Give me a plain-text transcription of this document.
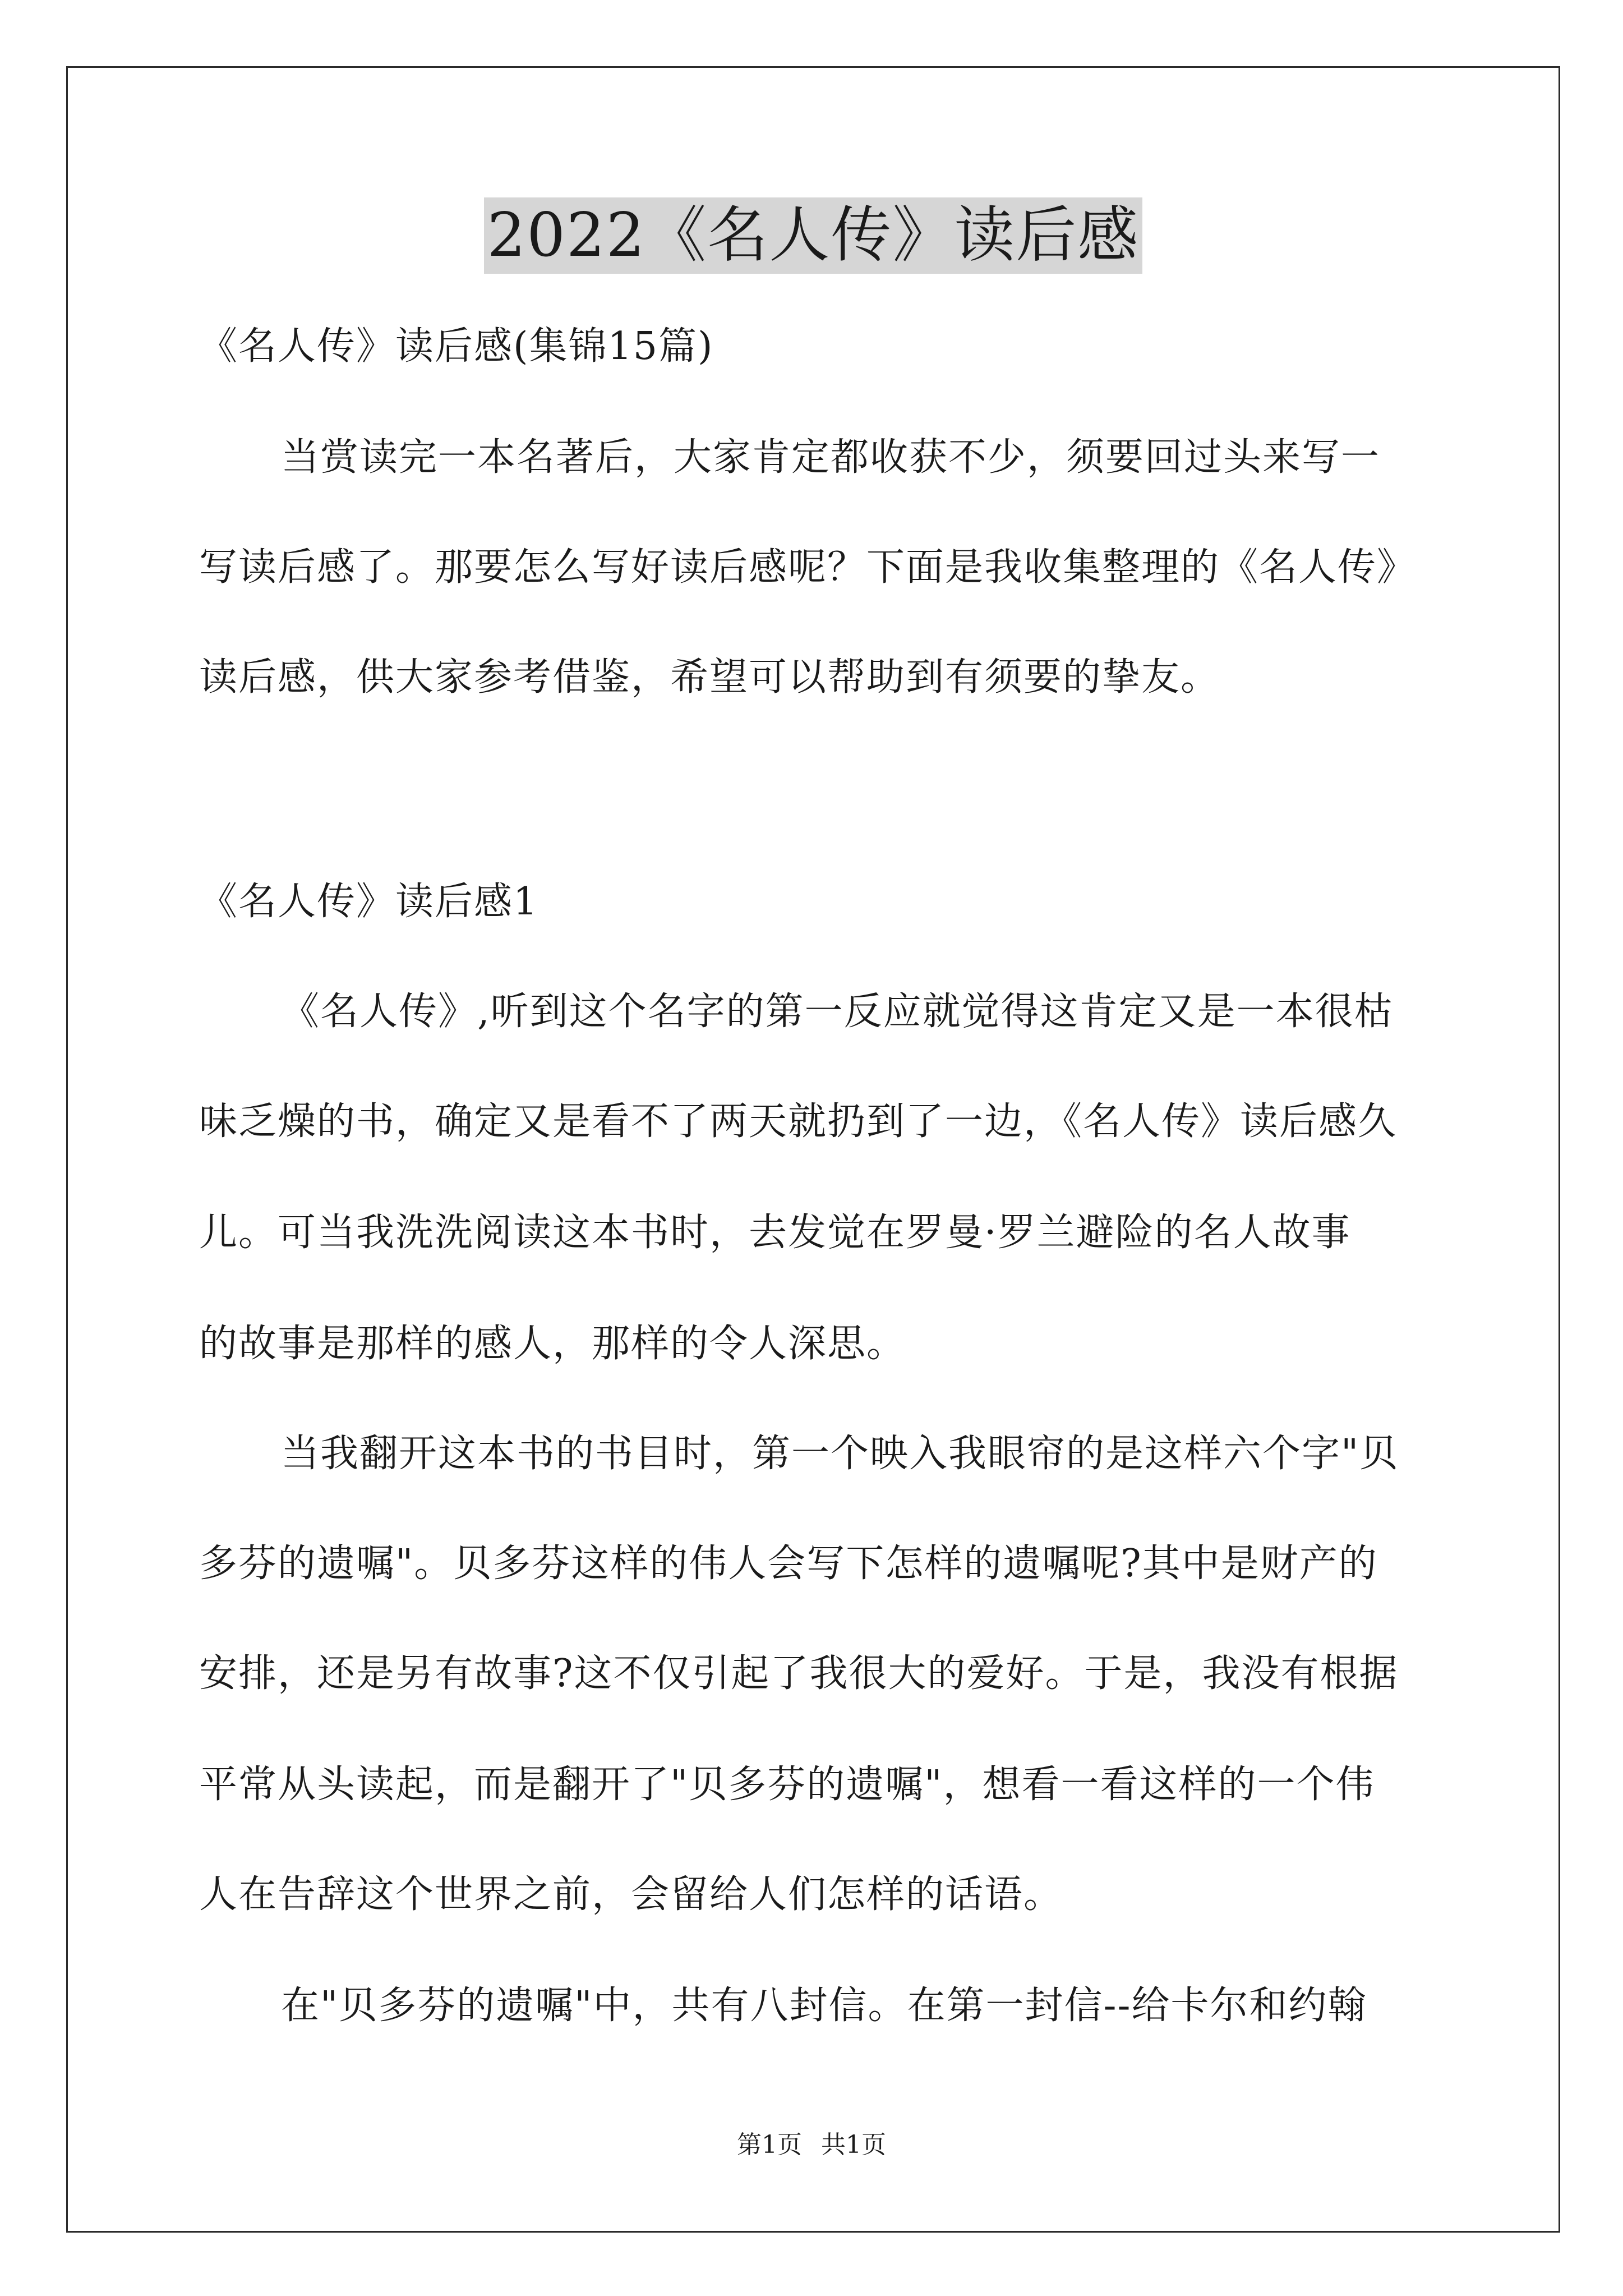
2022《名人传》读后感
《名人传》读后感(集锦15篇)
当赏读完一本名著后，大家肯定都收获不少，须要回过头来写一
写读后感了。那要怎么写好读后感呢？下面是我收集整理的《名人传》
读后感，供大家参考借鉴，希望可以帮助到有须要的挚友。
《名人传》读后感1
《名人传》,听到这个名字的第一反应就觉得这肯定又是一本很枯
味乏燥的书，确定又是看不了两天就扔到了一边，《名人传》读后感久
儿。可当我洗洗阅读这本书时，去发觉在罗曼·罗兰避险的名人故事
的故事是那样的感人，那样的令人深思。
当我翻开这本书的书目时，第一个映入我眼帘的是这样六个字"贝
多芬的遗嘱"。贝多芬这样的伟人会写下怎样的遗嘱呢?其中是财产的
安排，还是另有故事?这不仅引起了我很大的爱好。于是，我没有根据
平常从头读起，而是翻开了"贝多芬的遗嘱"，想看一看这样的一个伟
人在告辞这个世界之前，会留给人们怎样的话语。
在"贝多芬的遗嘱"中，共有八封信。在第一封信--给卡尔和约翰
第1页 共1页
